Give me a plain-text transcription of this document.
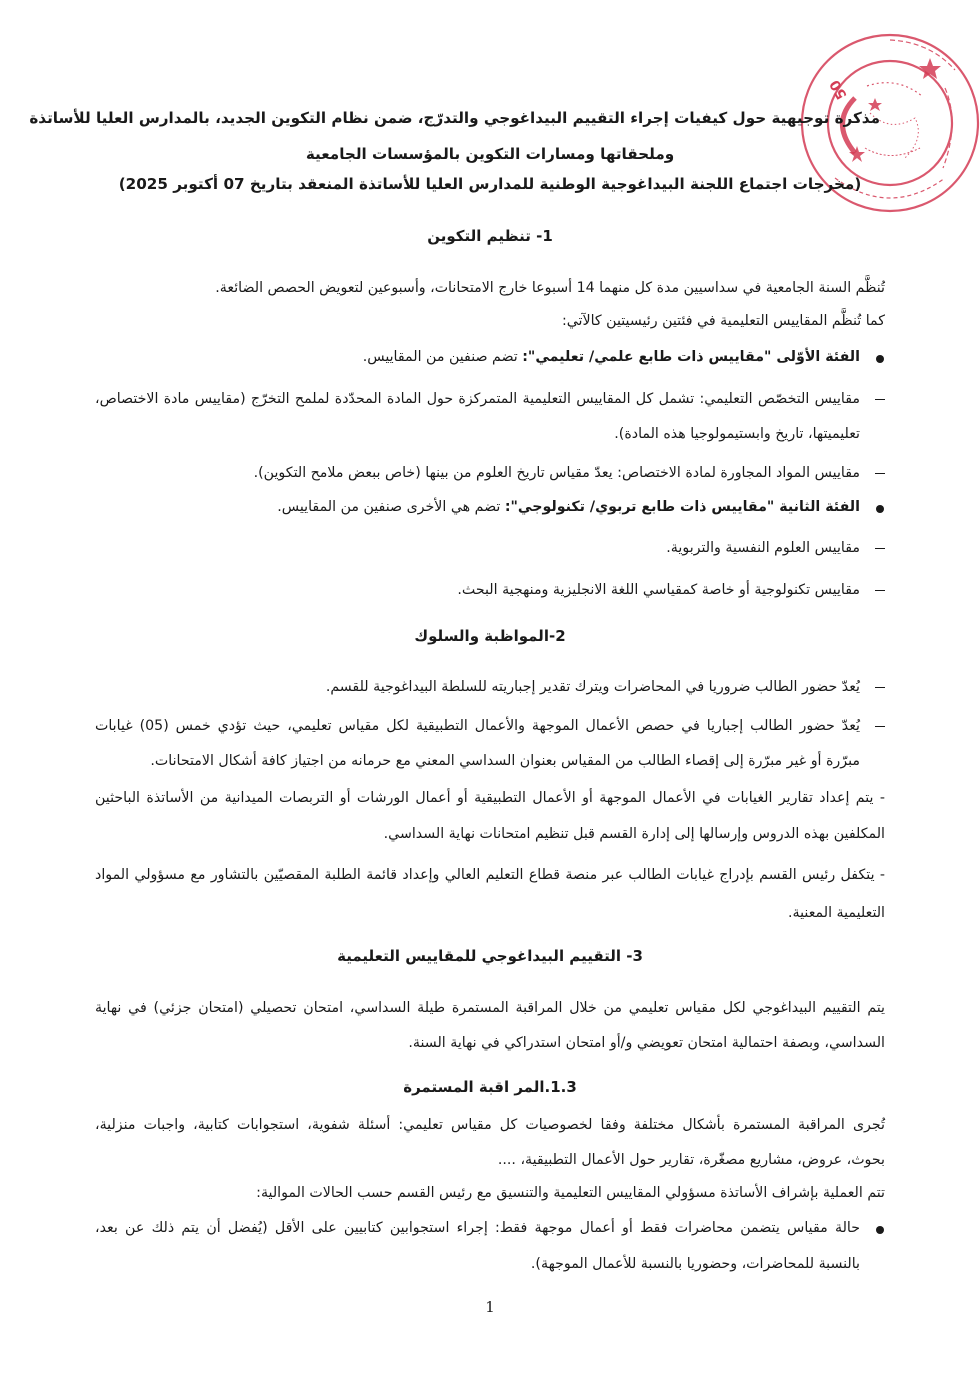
50
مذكرة توجيهية حول كيفيات إجراء التقييم البيداغوجي والتدرّج، ضمن نظام التكوين الجديد، بالمدارس العليا للأساتذة
وملحقاتها ومسارات التكوين بالمؤسسات الجامعية
(مخرجات اجتماع اللجنة البيداغوجية الوطنية للمدارس العليا للأساتذة المنعقد بتاريخ 07 أكتوبر 2025)
1- تنظيم التكوين
تُنظَّم السنة الجامعية في سداسيين مدة كل منهما 14 أسبوعا خارج الامتحانات، وأسبوعين لتعويض الحصص الضائعة.
كما تُنظَّم المقاييس التعليمية في فئتين رئيسيتين كالآتي:
الفئة الأوّلى "مقاييس ذات طابع علمي/ تعليمي": تضم صنفين من المقاييس.
مقاييس التخصّص التعليمي: تشمل كل المقاييس التعليمية المتمركزة حول المادة المحدّدة لملمح التخرّج (مقاييس مادة الاختصاص،
تعليميتها، تاريخ وابستيمولوجيا هذه المادة).
مقاييس المواد المجاورة لمادة الاختصاص: يعدّ مقياس تاريخ العلوم من بينها (خاص ببعض ملامح التكوين).
الفئة الثانية "مقاييس ذات طابع تربوي/ تكنولوجي": تضم هي الأخرى صنفين من المقاييس.
مقاييس العلوم النفسية والتربوية.
مقاييس تكنولوجية أو خاصة كمقياسي اللغة الانجليزية ومنهجية البحث.
2-المواظبة والسلوك
يُعدّ حضور الطالب ضروريا في المحاضرات ويترك تقدير إجباريته للسلطة البيداغوجية للقسم.
يُعدّ حضور الطالب إجباريا في حصص الأعمال الموجهة والأعمال التطبيقية لكل مقياس تعليمي، حيث تؤدي خمس (05) غيابات
مبرّرة أو غير مبرّرة إلى إقصاء الطالب من المقياس بعنوان السداسي المعني مع حرمانه من اجتياز كافة أشكال الامتحانات.
- يتم إعداد تقارير الغيابات في الأعمال الموجهة أو الأعمال التطبيقية أو أعمال الورشات أو التربصات الميدانية من الأساتذة الباحثين
المكلفين بهذه الدروس وإرسالها إلى إدارة القسم قبل تنظيم امتحانات نهاية السداسي.
- يتكفل رئيس القسم بإدراج غيابات الطالب عبر منصة قطاع التعليم العالي وإعداد قائمة الطلبة المقصيّين بالتشاور مع مسؤولي المواد
التعليمية المعنية.
3- التقييم البيداغوجي للمقاييس التعليمية
يتم التقييم البيداغوجي لكل مقياس تعليمي من خلال المراقبة المستمرة طيلة السداسي، امتحان تحصيلي (امتحان جزئي) في نهاية
السداسي، وبصفة احتمالية امتحان تعويضي و/أو امتحان استدراكي في نهاية السنة.
1.3.المر اقبة المستمرة
تُجرى المراقبة المستمرة بأشكال مختلفة وفقا لخصوصيات كل مقياس تعليمي: أسئلة شفوية، استجوابات كتابية، واجبات منزلية،
بحوث، عروض، مشاريع مصغّرة، تقارير حول الأعمال التطبيقية، ....
تتم العملية بإشراف الأساتذة مسؤولي المقاييس التعليمية والتنسيق مع رئيس القسم حسب الحالات الموالية:
حالة مقياس يتضمن محاضرات فقط أو أعمال موجهة فقط: إجراء استجوابين كتابيين على الأقل (يُفضل أن يتم ذلك عن بعد،
بالنسبة للمحاضرات، وحضوريا بالنسبة للأعمال الموجهة).
1
